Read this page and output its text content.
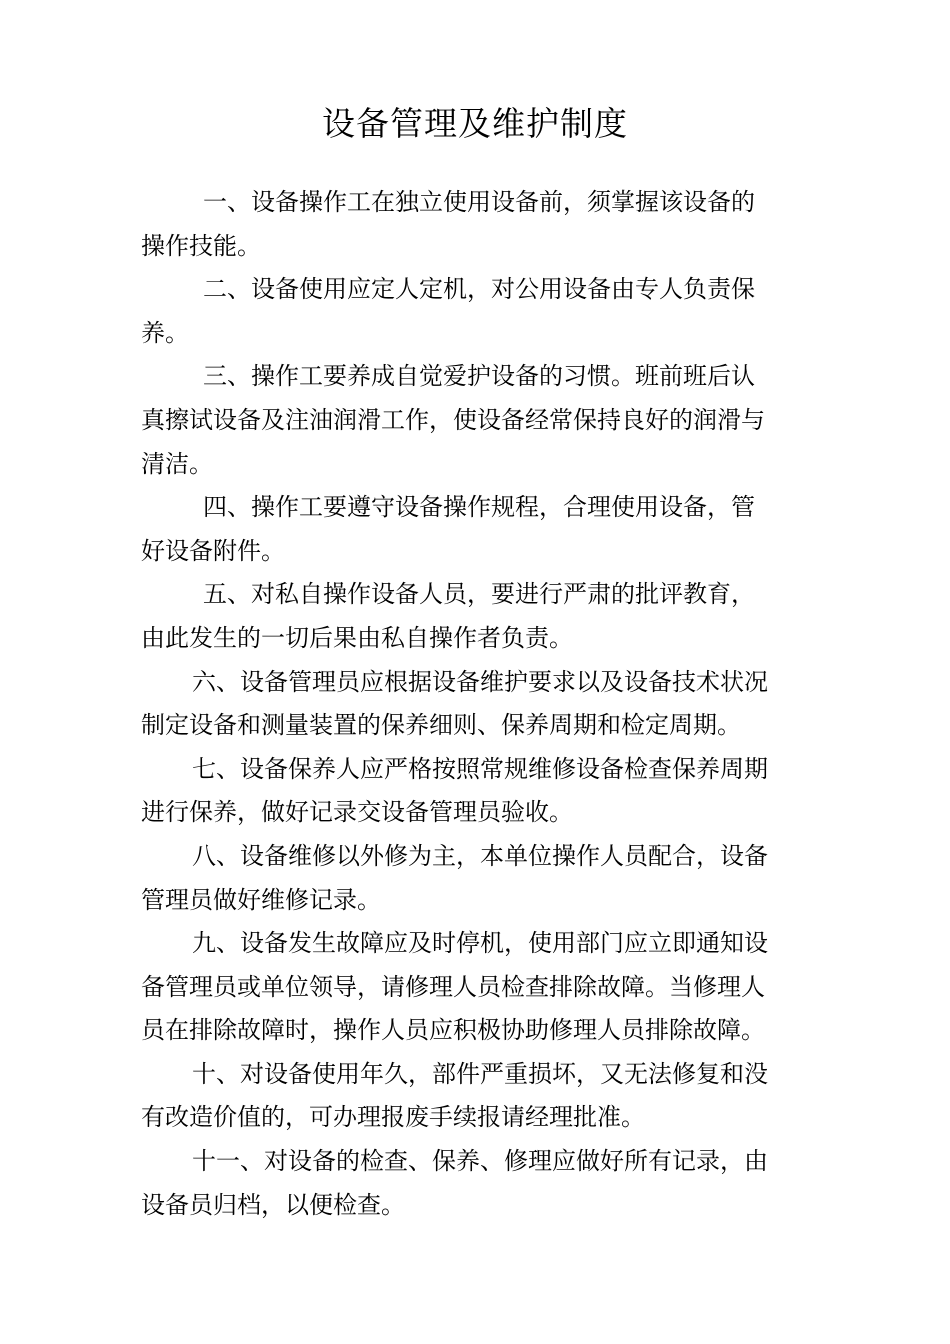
设备管理及维护制度

一、设备操作工在独立使用设备前，须掌握该设备的
操作技能。

二、设备使用应定人定机，对公用设备由专人负责保
养。

三、操作工要养成自觉爱护设备的习惯。班前班后认
真擦试设备及注油润滑工作，使设备经常保持良好的润滑与
清洁。

四、操作工要遵守设备操作规程，合理使用设备，管
好设备附件。

五、对私自操作设备人员，要进行严肃的批评教育，
由此发生的一切后果由私自操作者负责。

六、设备管理员应根据设备维护要求以及设备技术状况
制定设备和测量装置的保养细则、保养周期和检定周期。

七、设备保养人应严格按照常规维修设备检查保养周期
进行保养，做好记录交设备管理员验收。

八、设备维修以外修为主，本单位操作人员配合，设备
管理员做好维修记录。

九、设备发生故障应及时停机，使用部门应立即通知设
备管理员或单位领导，请修理人员检查排除故障。当修理人
员在排除故障时，操作人员应积极协助修理人员排除故障。

十、对设备使用年久，部件严重损坏，又无法修复和没
有改造价值的，可办理报废手续报请经理批准。

十一、对设备的检查、保养、修理应做好所有记录，由
设备员归档，以便检查。
